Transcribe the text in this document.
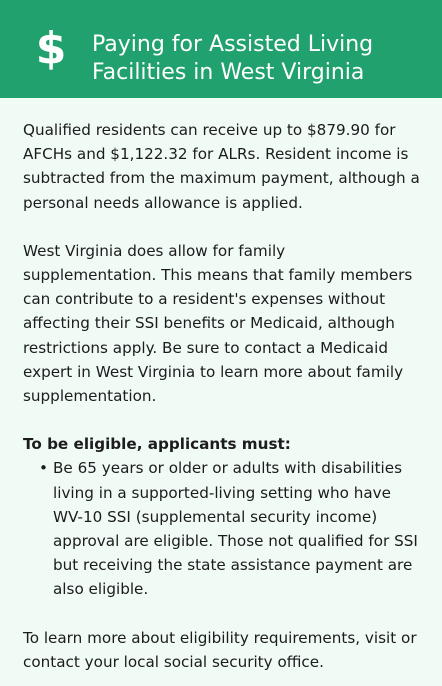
$ Paying for Assisted Living Facilities in West Virginia

Qualified residents can receive up to $879.90 for AFCHs and $1,122.32 for ALRs. Resident income is subtracted from the maximum payment, although a personal needs allowance is applied.

West Virginia does allow for family supplementation. This means that family members can contribute to a resident's expenses without affecting their SSI benefits or Medicaid, although restrictions apply. Be sure to contact a Medicaid expert in West Virginia to learn more about family supplementation.

To be eligible, applicants must:

• Be 65 years or older or adults with disabilities living in a supported-living setting who have WV-10 SSI (supplemental security income) approval are eligible. Those not qualified for SSI but receiving the state assistance payment are also eligible.

To learn more about eligibility requirements, visit or contact your local social security office.
